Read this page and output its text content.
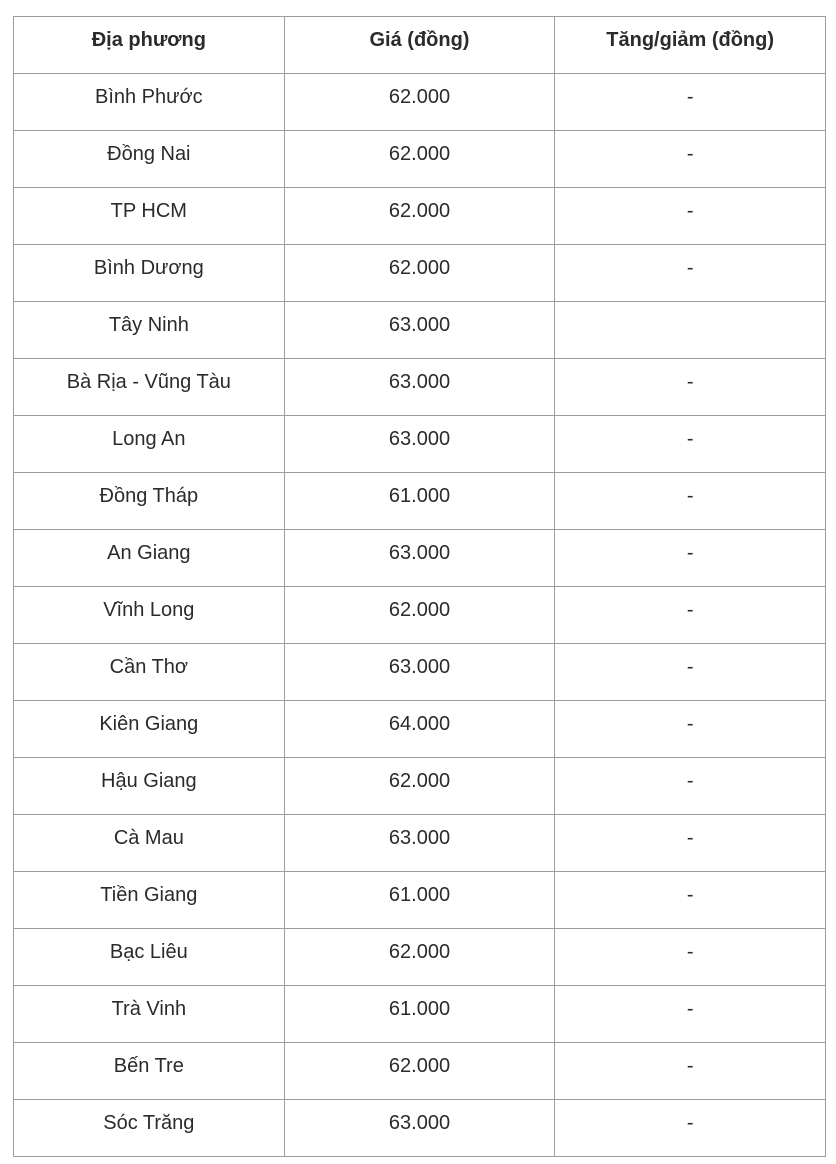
Địa phương	Giá (đồng)	Tăng/giảm (đồng)
Bình Phước	62.000	-
Đồng Nai	62.000	-
TP HCM	62.000	-
Bình Dương	62.000	-
Tây Ninh	63.000	
Bà Rịa - Vũng Tàu	63.000	-
Long An	63.000	-
Đồng Tháp	61.000	-
An Giang	63.000	-
Vĩnh Long	62.000	-
Cần Thơ	63.000	-
Kiên Giang	64.000	-
Hậu Giang	62.000	-
Cà Mau	63.000	-
Tiền Giang	61.000	-
Bạc Liêu	62.000	-
Trà Vinh	61.000	-
Bến Tre	62.000	-
Sóc Trăng	63.000	-
